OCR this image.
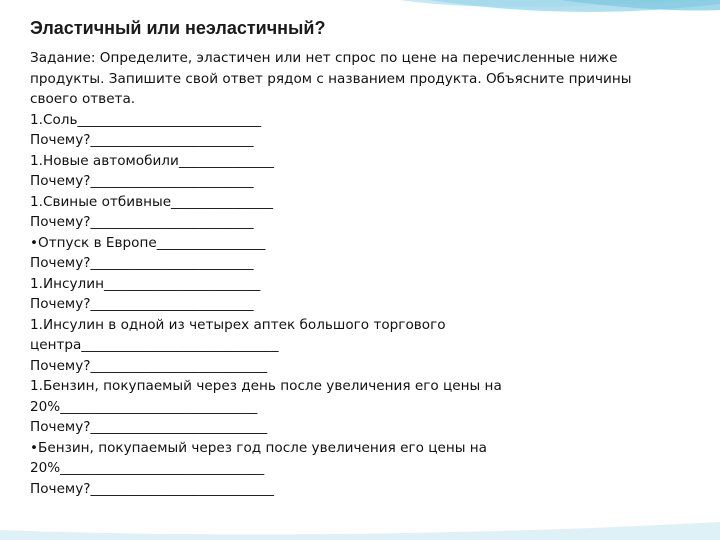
Эластичный или неэластичный?
Задание: Определите, эластичен или нет спрос по цене на перечисленные ниже продукты. Запишите свой ответ рядом с названием продукта. Объясните причины своего ответа.
1.Соль___________________________
Почему?________________________
1.Новые автомобили______________
Почему?________________________
1.Свиные отбивные_______________
Почему?________________________
•Отпуск в Европе________________
Почему?________________________
1.Инсулин_______________________
Почему?________________________
1.Инсулин в одной из четырех аптек большого торгового
центра_____________________________
Почему?__________________________
1.Бензин, покупаемый через день после увеличения его цены на
20%_____________________________
Почему?__________________________
•Бензин, покупаемый через год после увеличения его цены на
20%______________________________
Почему?___________________________
